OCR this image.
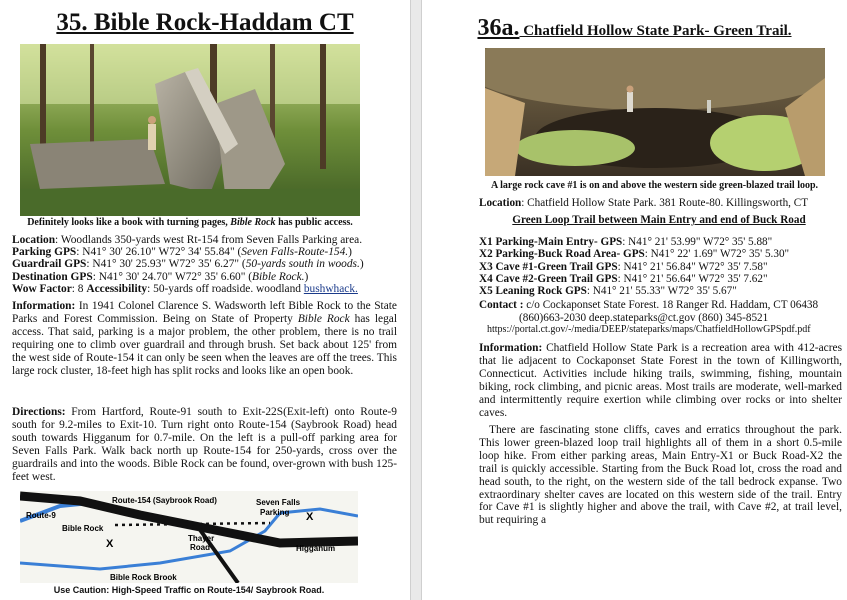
35. Bible Rock-Haddam CT
Definitely looks like a book with turning pages, Bible Rock has public access.
Location: Woodlands 350-yards west Rt-154 from Seven Falls Parking area.
Parking GPS: N41° 30' 26.10" W72° 34' 55.84" (Seven Falls-Route-154.)
Guardrail GPS: N41° 30' 25.93" W72° 35' 6.27" (50-yards south in woods.)
Destination GPS: N41° 30' 24.70" W72° 35' 6.60" (Bible Rock.)
Wow Factor: 8 Accessibility: 50-yards off roadside. woodland bushwhack.
Information: In 1941 Colonel Clarence S. Wadsworth left Bible Rock to the State Parks and Forest Commission. Being on State of Property Bible Rock has legal access. That said, parking is a major problem, the other problem, there is no trail requiring one to climb over guardrail and through brush. Set back about 125' from the west side of Route-154 it can only be seen when the leaves are off the trees. This large rock cluster, 18-feet high has split rocks and looks like an open book.
Directions: From Hartford, Route-91 south to Exit-22S(Exit-left) onto Route-9 south for 9.2-miles to Exit-10. Turn right onto Route-154 (Saybrook Road) head south towards Higganum for 0.7-mile. On the left is a pull-off parking area for Seven Falls Park. Walk back north up Route-154 for 250-yards, cross over the guardrails and into the woods. Bible Rock can be found, over-grown with bush 125-feet west.
Route-9
Route-154 (Saybrook Road)	Seven Falls
Parking X
Bible Rock
X	Thayer
Road	Higganum
Bible Rock Brook
Use Caution: High-Speed Traffic on Route-154/ Saybrook Road.
36a. Chatfield Hollow State Park- Green Trail.
A large rock cave #1 is on and above the western side green-blazed trail loop.
Location: Chatfield Hollow State Park. 381 Route-80. Killingsworth, CT
Green Loop Trail between Main Entry and end of Buck Road
X1 Parking-Main Entry- GPS: N41° 21' 53.99" W72° 35' 5.88"
X2 Parking-Buck Road Area- GPS: N41° 22' 1.69" W72° 35' 5.30"
X3 Cave #1-Green Trail GPS: N41° 21' 56.84" W72° 35' 7.58"
X4 Cave #2-Green Trail GPS: N41° 21' 56.64" W72° 35' 7.62"
X5 Leaning Rock GPS: N41° 21' 55.33" W72° 35' 5.67"
Contact : c/o Cockaponset State Forest. 18 Ranger Rd. Haddam, CT 06438
(860)663-2030 deep.stateparks@ct.gov (860) 345-8521
https://portal.ct.gov/-/media/DEEP/stateparks/maps/ChatfieldHollowGPSpdf.pdf
Information: Chatfield Hollow State Park is a recreation area with 412-acres that lie adjacent to Cockaponset State Forest in the town of Killingworth, Connecticut. Activities include hiking trails, swimming, fishing, mountain biking, rock climbing, and picnic areas. Most trails are moderate, well-marked and intermittently require exertion while climbing over rocks or into shelter caves.
There are fascinating stone cliffs, caves and erratics throughout the park. This lower green-blazed loop trail highlights all of them in a short 0.5-mile loop hike. From either parking areas, Main Entry-X1 or Buck Road-X2 the trail is quickly accessible. Starting from the Buck Road lot, cross the road and head south, to the right, on the western side of the tall bedrock expanse. Two extraordinary shelter caves are located on this western side of the trail. Entry for Cave #1 is slightly higher and above the trail, with Cave #2, at trail level, but requiring a
